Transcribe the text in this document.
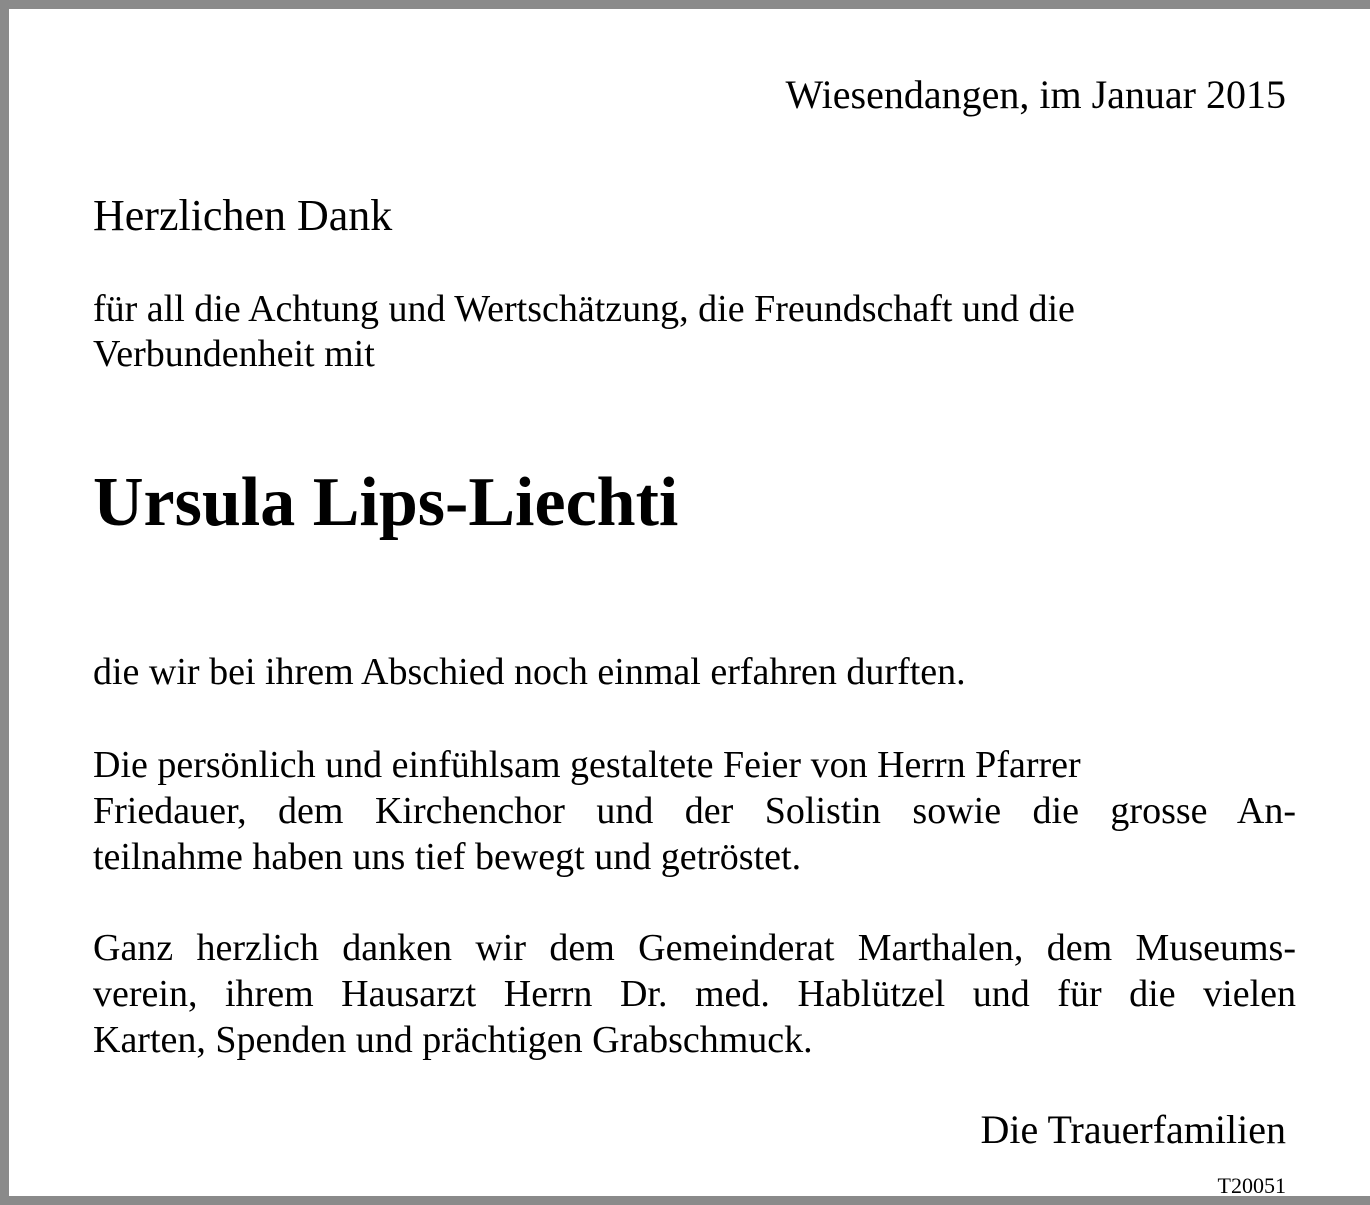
Wiesendangen, im Januar 2015
Herzlichen Dank
für all die Achtung und Wertschätzung, die Freundschaft und die
Verbundenheit mit
Ursula Lips-Liechti
die wir bei ihrem Abschied noch einmal erfahren durften.
Die persönlich und einfühlsam gestaltete Feier von Herrn Pfarrer
Friedauer, dem Kirchenchor und der Solistin sowie die grosse An-
teilnahme haben uns tief bewegt und getröstet.
Ganz herzlich danken wir dem Gemeinderat Marthalen, dem Museums-
verein, ihrem Hausarzt Herrn Dr. med. Hablützel und für die vielen
Karten, Spenden und prächtigen Grabschmuck.
Die Trauerfamilien
T20051
